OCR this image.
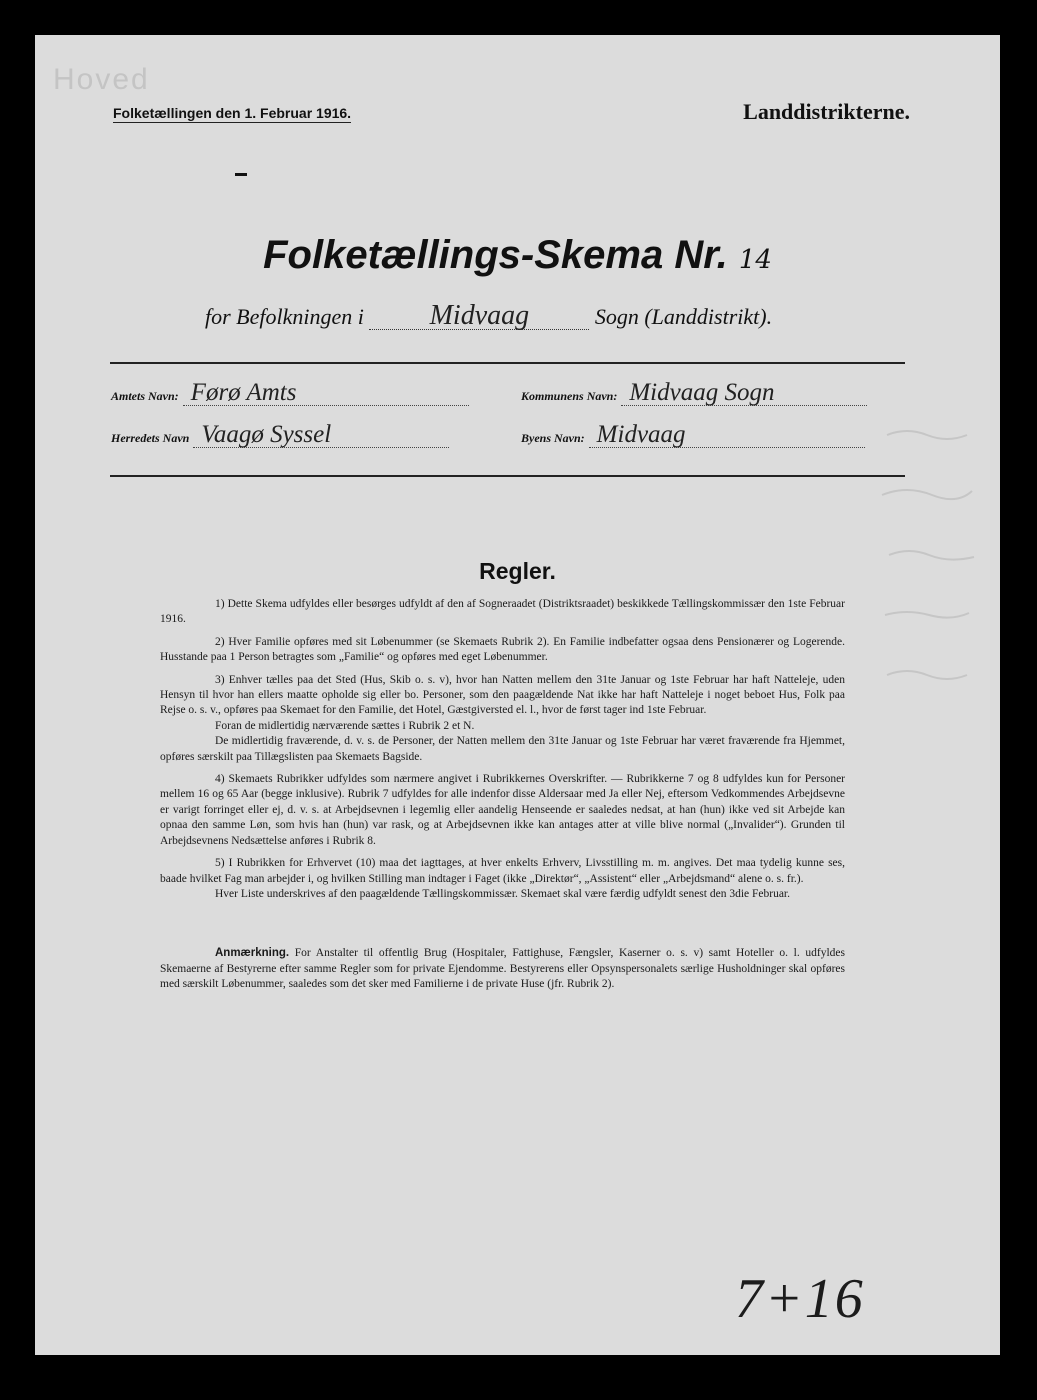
Hoved
Folketællingen den 1. Februar 1916.	Landdistrikterne.
Folketællings-Skema Nr. 14
for Befolkningen i Midvaag	Sogn (Landdistrikt).
Amtets Navn: Førø Amts	Kommunens Navn: Midvaag Sogn
Herredets Navn Vaagø Syssel	Byens Navn: Midvaag
Regler.

1) Dette Skema udfyldes eller besørges udfyldt af den af Sognerаadet (Distriktsraadet) beskikkede Tællingskommissær den 1ste Februar 1916.

2) Hver Familie opføres med sit Løbenummer (se Skemaets Rubrik 2). En Familie indbefatter ogsaa dens Pensionærer og Logerende. Husstande paa 1 Person betragtes som „Familie“ og opføres med eget Løbenummer.

3) Enhver tælles paa det Sted (Hus, Skib o. s. v), hvor han Natten mellem den 31te Januar og 1ste Februar har haft Natteleje, uden Hensyn til hvor han ellers maatte opholde sig eller bo. Personer, som den paagældende Nat ikke har haft Natteleje i noget beboet Hus, Folk paa Rejse o. s. v., opføres paa Skemaet for den Familie, det Hotel, Gæstgiversted el. l., hvor de først tager ind 1ste Februar.

Foran de midlertidig nærværende sættes i Rubrik 2 et N.

De midlertidig fraværende, d. v. s. de Personer, der Natten mellem den 31te Januar og 1ste Februar har været fraværende fra Hjemmet, opføres særskilt paa Tillægslisten paa Skemaets Bagside.

4) Skemaets Rubrikker udfyldes som nærmere angivet i Rubrikkernes Overskrifter. — Rubrikkerne 7 og 8 udfyldes kun for Personer mellem 16 og 65 Aar (begge inklusive). Rubrik 7 udfyldes for alle indenfor disse Aldersaar med Ja eller Nej, eftersom Vedkommendes Arbejdsevne er varigt forringet eller ej, d. v. s. at Arbejdsevnen i legemlig eller aandelig Henseende er saaledes nedsat, at han (hun) ikke ved sit Arbejde kan opnaa den samme Løn, som hvis han (hun) var rask, og at Arbejdsevnen ikke kan antages atter at ville blive normal („Invalider“). Grunden til Arbejdsevnens Nedsættelse anføres i Rubrik 8.

5) I Rubrikken for Erhvervet (10) maa det iagttages, at hver enkelts Erhverv, Livsstilling m. m. angives. Det maa tydelig kunne ses, baade hvilket Fag man arbejder i, og hvilken Stilling man indtager i Faget (ikke „Direktør“, „Assistent“ eller „Arbejdsmand“ alene o. s. fr.).

Hver Liste underskrives af den paagældende Tællingskommissær. Skemaet skal være færdig udfyldt senest den 3die Februar.

Anmærkning. For Anstalter til offentlig Brug (Hospitaler, Fattighuse, Fængsler, Kaserner o. s. v) samt Hoteller o. l. udfyldes Skemaerne af Bestyrerne efter samme Regler som for private Ejendomme. Bestyrerens eller Opsynspersonalets særlige Husholdninger skal opføres med særskilt Løbenummer, saaledes som det sker med Familierne i de private Huse (jfr. Rubrik 2).

7+16
